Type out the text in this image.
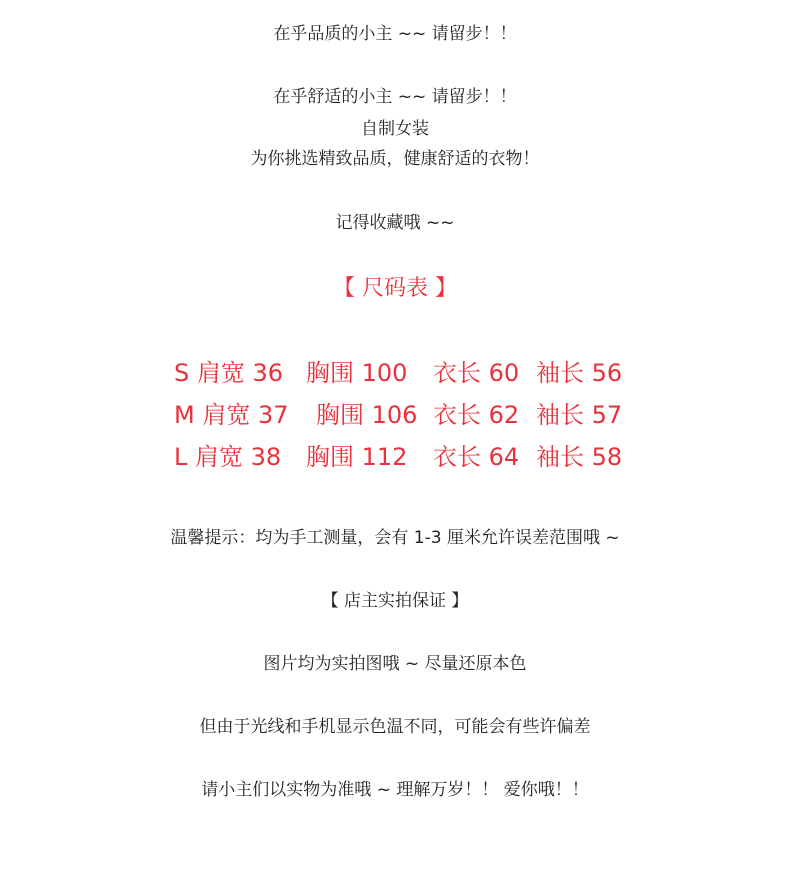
在乎品质的小主 ~~ 请留步！！
在乎舒适的小主 ~~ 请留步！！
自制女装
为你挑选精致品质，健康舒适的衣物！
记得收藏哦 ~~
【 尺码表 】
S 肩宽 36 胸围 100 衣长 60 袖长 56
M 肩宽 37 胸围 106 衣长 62 袖长 57
L 肩宽 38 胸围 112 衣长 64 袖长 58
温馨提示：均为手工测量，会有 1-3 厘米允许误差范围哦 ~
【 店主实拍保证 】
图片均为实拍图哦 ~ 尽量还原本色
但由于光线和手机显示色温不同，可能会有些许偏差
请小主们以实物为准哦 ~ 理解万岁！！ 爱你哦！！
